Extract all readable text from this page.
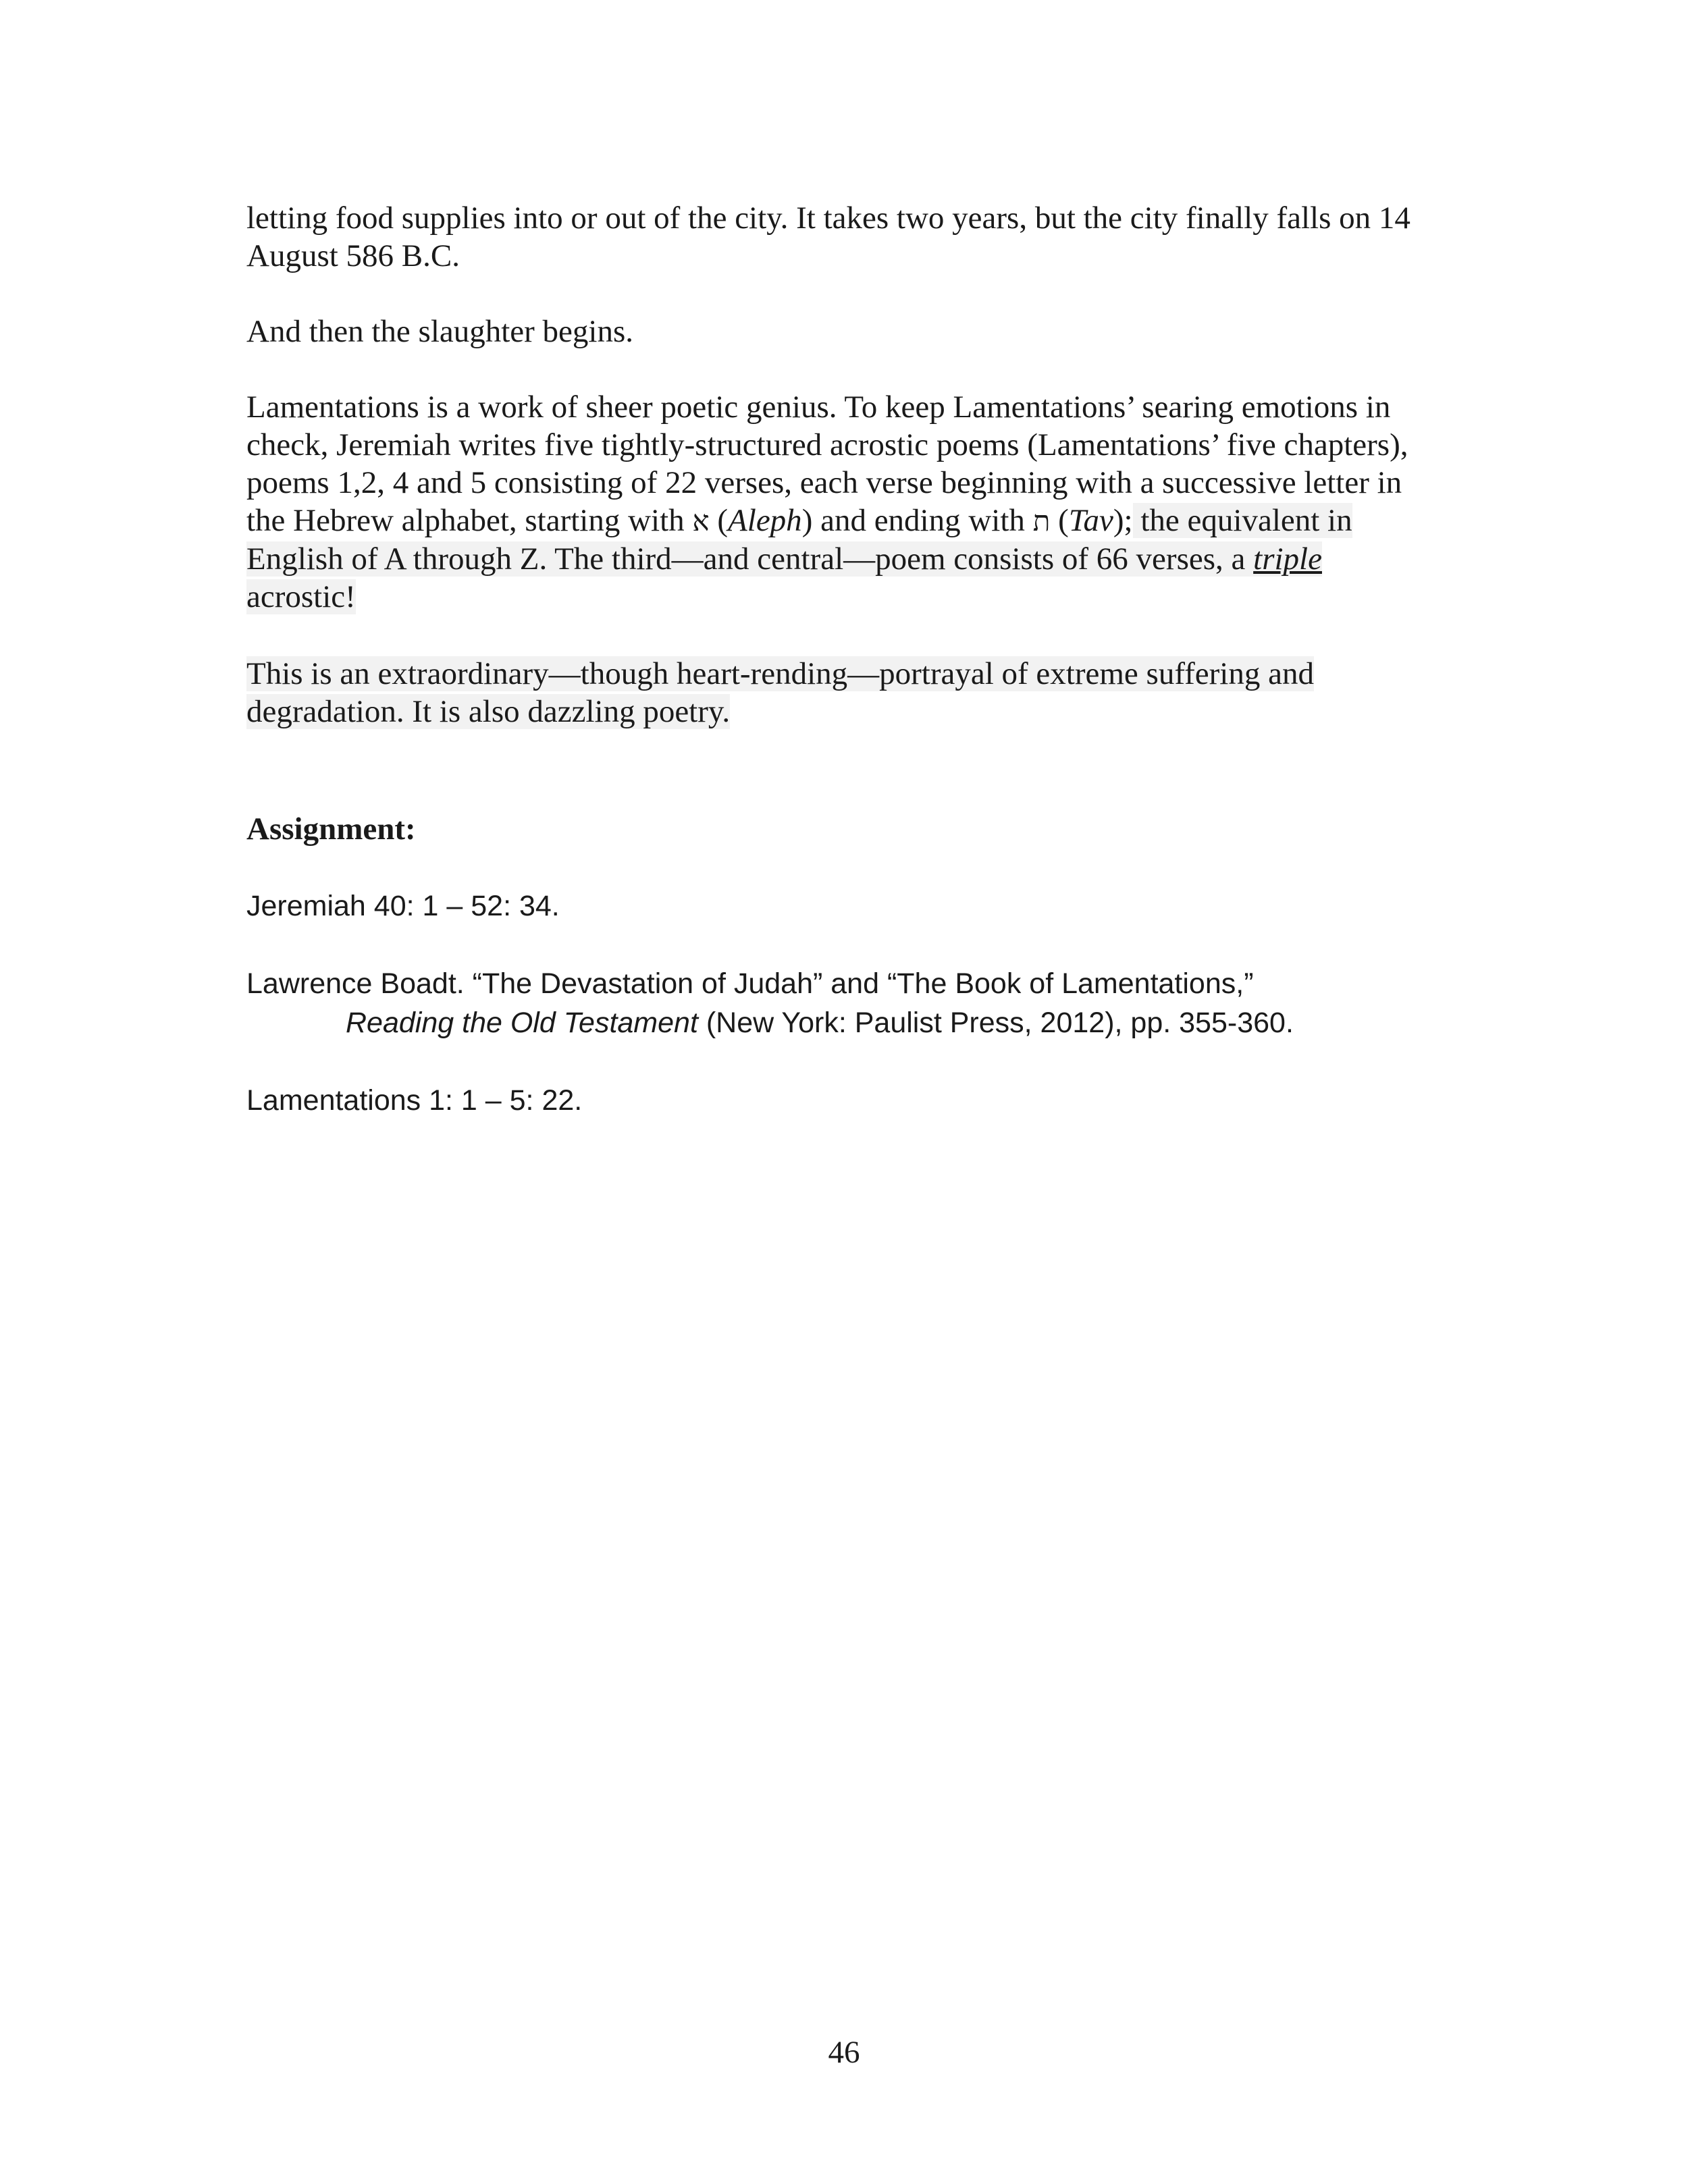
letting food supplies into or out of the city. It takes two years, but the city finally falls on 14 August 586 B.C.

And then the slaughter begins.

Lamentations is a work of sheer poetic genius. To keep Lamentations’ searing emotions in check, Jeremiah writes five tightly-structured acrostic poems (Lamentations’ five chapters), poems 1,2, 4 and 5 consisting of 22 verses, each verse beginning with a successive letter in the Hebrew alphabet, starting with א (Aleph) and ending with ת (Tav); the equivalent in English of A through Z. The third—and central—poem consists of 66 verses, a triple acrostic!

This is an extraordinary—though heart-rending—portrayal of extreme suffering and degradation. It is also dazzling poetry.

Assignment:

Jeremiah 40: 1 – 52: 34.

Lawrence Boadt. “The Devastation of Judah” and “The Book of Lamentations,”
Reading the Old Testament (New York: Paulist Press, 2012), pp. 355-360.

Lamentations 1: 1 – 5: 22.

46
